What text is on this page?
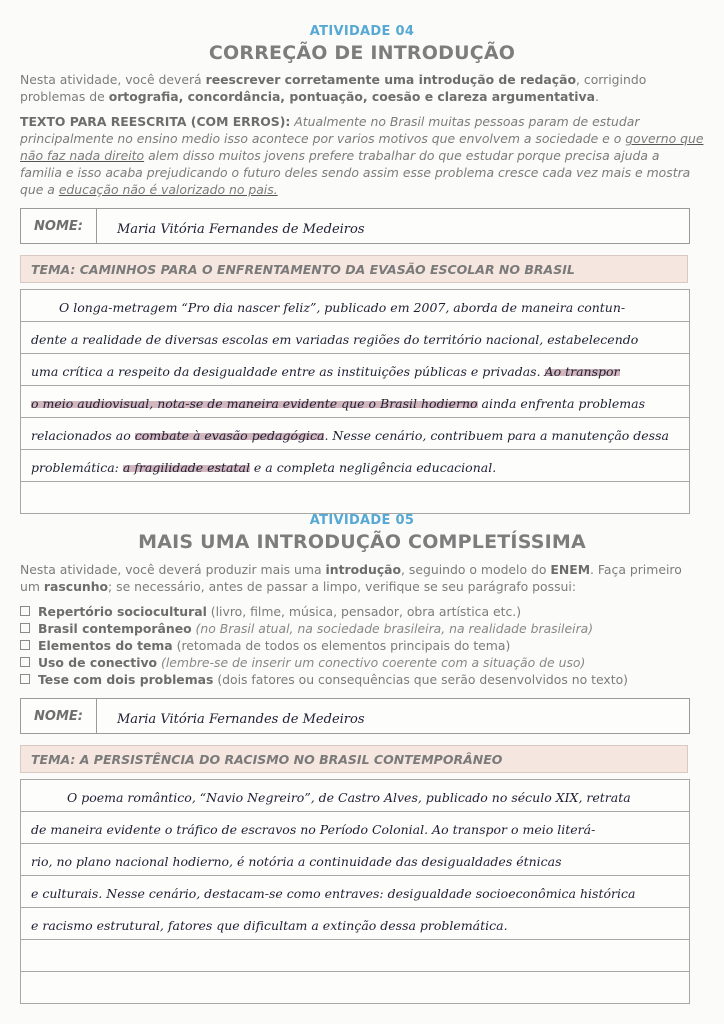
ATIVIDADE 04
CORREÇÃO DE INTRODUÇÃO
Nesta atividade, você deverá reescrever corretamente uma introdução de redação, corrigindo problemas de ortografia, concordância, pontuação, coesão e clareza argumentativa.
TEXTO PARA REESCRITA (COM ERROS): Atualmente no Brasil muitas pessoas param de estudar principalmente no ensino medio isso acontece por varios motivos que envolvem a sociedade e o governo que não faz nada direito alem disso muitos jovens prefere trabalhar do que estudar porque precisa ajuda a familia e isso acaba prejudicando o futuro deles sendo assim esse problema cresce cada vez mais e mostra que a educação não é valorizado no pais.
NOME:	Maria Vitória Fernandes de Medeiros
TEMA: CAMINHOS PARA O ENFRENTAMENTO DA EVASÃO ESCOLAR NO BRASIL
O longa-metragem “Pro dia nascer feliz”, publicado em 2007, aborda de maneira contun-
dente a realidade de diversas escolas em variadas regiões do território nacional, estabelecendo
uma crítica a respeito da desigualdade entre as instituições públicas e privadas. Ao transpor
o meio audiovisual, nota-se de maneira evidente que o Brasil hodierno ainda enfrenta problemas
relacionados ao combate à evasão pedagógica. Nesse cenário, contribuem para a manutenção dessa
problemática: a fragilidade estatal e a completa negligência educacional.
ATIVIDADE 05
MAIS UMA INTRODUÇÃO COMPLETÍSSIMA
Nesta atividade, você deverá produzir mais uma introdução, seguindo o modelo do ENEM. Faça primeiro um rascunho; se necessário, antes de passar a limpo, verifique se seu parágrafo possui:
Repertório sociocultural (livro, filme, música, pensador, obra artística etc.)
Brasil contemporâneo (no Brasil atual, na sociedade brasileira, na realidade brasileira)
Elementos do tema (retomada de todos os elementos principais do tema)
Uso de conectivo (lembre-se de inserir um conectivo coerente com a situação de uso)
Tese com dois problemas (dois fatores ou consequências que serão desenvolvidos no texto)
NOME:	Maria Vitória Fernandes de Medeiros
TEMA: A PERSISTÊNCIA DO RACISMO NO BRASIL CONTEMPORÂNEO
O poema romântico, “Navio Negreiro”, de Castro Alves, publicado no século XIX, retrata
de maneira evidente o tráfico de escravos no Período Colonial. Ao transpor o meio literá-
rio, no plano nacional hodierno, é notória a continuidade das desigualdades étnicas
e culturais. Nesse cenário, destacam-se como entraves: desigualdade socioeconômica histórica
e racismo estrutural, fatores que dificultam a extinção dessa problemática.
